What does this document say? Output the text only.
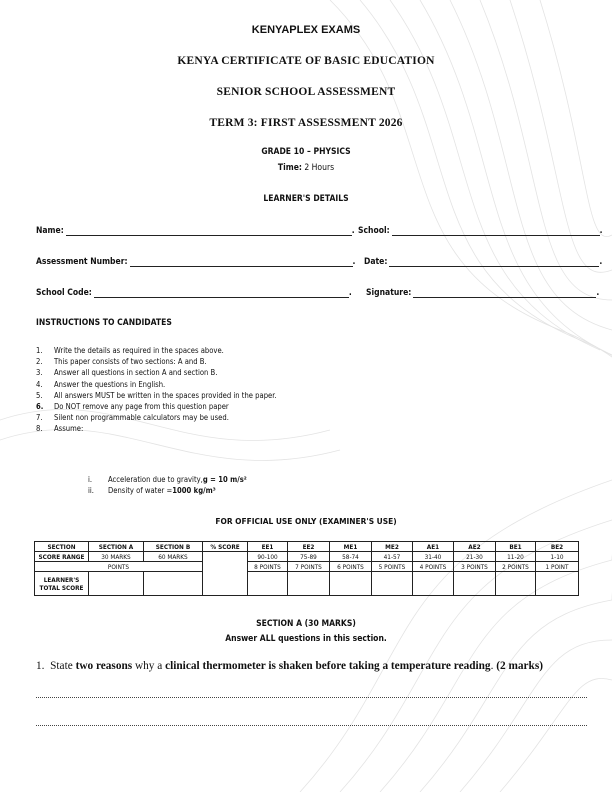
KENYAPLEX EXAMS
KENYA CERTIFICATE OF BASIC EDUCATION
SENIOR SCHOOL ASSESSMENT
TERM 3: FIRST ASSESSMENT 2026
GRADE 10 – PHYSICS
Time: 2 Hours
LEARNER'S DETAILS
Name:	. School:	.
Assessment Number:	. Date:	.
School Code:	. Signature:	.
INSTRUCTIONS TO CANDIDATES
1.	Write the details as required in the spaces above.
2.	This paper consists of two sections: A and B.
3.	Answer all questions in section A and section B.
4.	Answer the questions in English.
5.	All answers MUST be written in the spaces provided in the paper.
6.	Do NOT remove any page from this question paper
7.	Silent non programmable calculators may be used.
8.	Assume:
i.	Acceleration due to gravity, g = 10 m/s²
ii.	Density of water = 1000 kg/m³
FOR OFFICIAL USE ONLY (EXAMINER'S USE)
SECTION	SECTION A	SECTION B	% SCORE	EE1	EE2	ME1	ME2	AE1	AE2	BE1	BE2
SCORE RANGE	30 MARKS	60 MARKS		90-100	75-89	58-74	41-57	31-40	21-30	11-20	1-10
POINTS				8 POINTS	7 POINTS	6 POINTS	5 POINTS	4 POINTS	3 POINTS	2 POINTS	1 POINT
LEARNER'S TOTAL SCORE											
SECTION A (30 MARKS)
Answer ALL questions in this section.
1. State two reasons why a clinical thermometer is shaken before taking a temperature reading. (2 marks)
